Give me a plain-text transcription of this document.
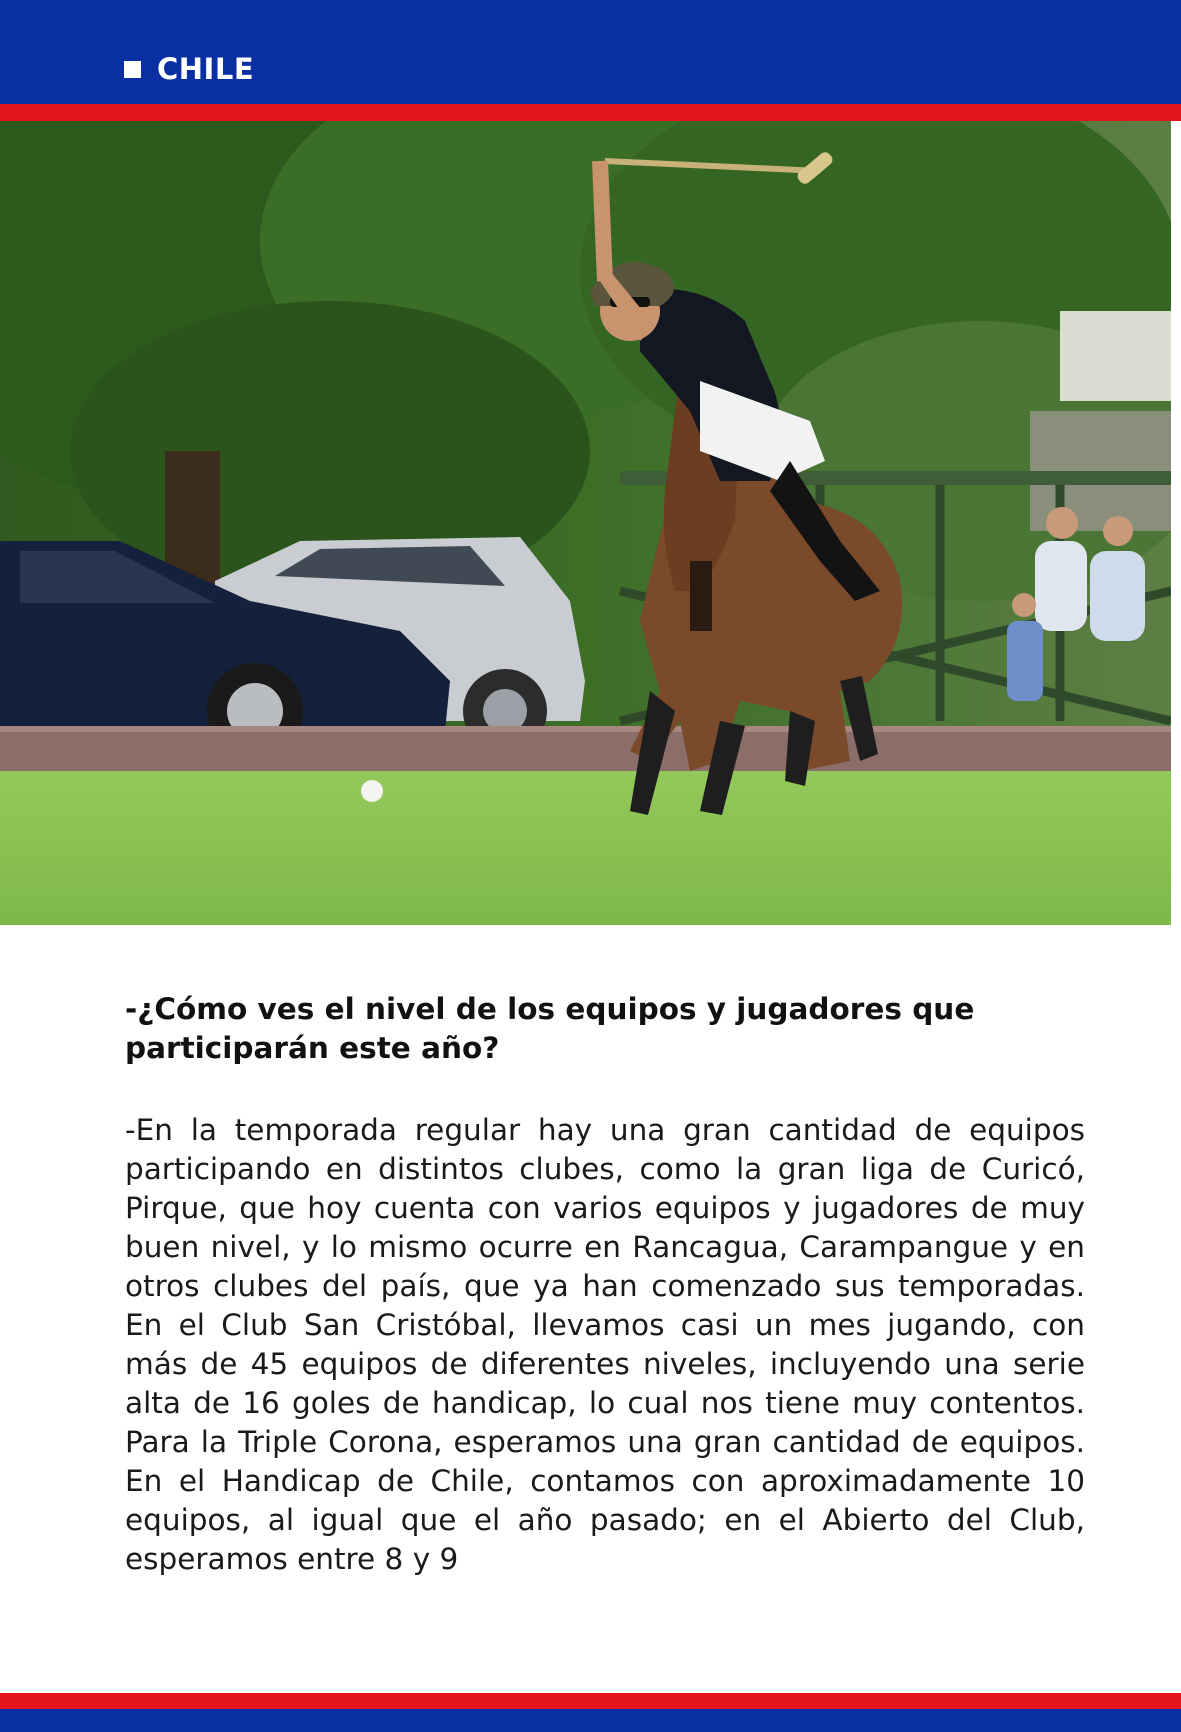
CHILE

-¿Cómo ves el nivel de los equipos y jugadores que participarán este año?

-En la temporada regular hay una gran cantidad de equipos participando en distintos clubes, como la gran liga de Curicó, Pirque, que hoy cuenta con varios equipos y jugadores de muy buen nivel, y lo mismo ocurre en Rancagua, Carampangue y en otros clubes del país, que ya han comenzado sus temporadas. En el Club San Cristóbal, llevamos casi un mes jugando, con más de 45 equipos de diferentes niveles, incluyendo una serie alta de 16 goles de handicap, lo cual nos tiene muy contentos. Para la Triple Corona, esperamos una gran cantidad de equipos. En el Handicap de Chile, contamos con aproximadamente 10 equipos, al igual que el año pasado; en el Abierto del Club, esperamos entre 8 y 9
